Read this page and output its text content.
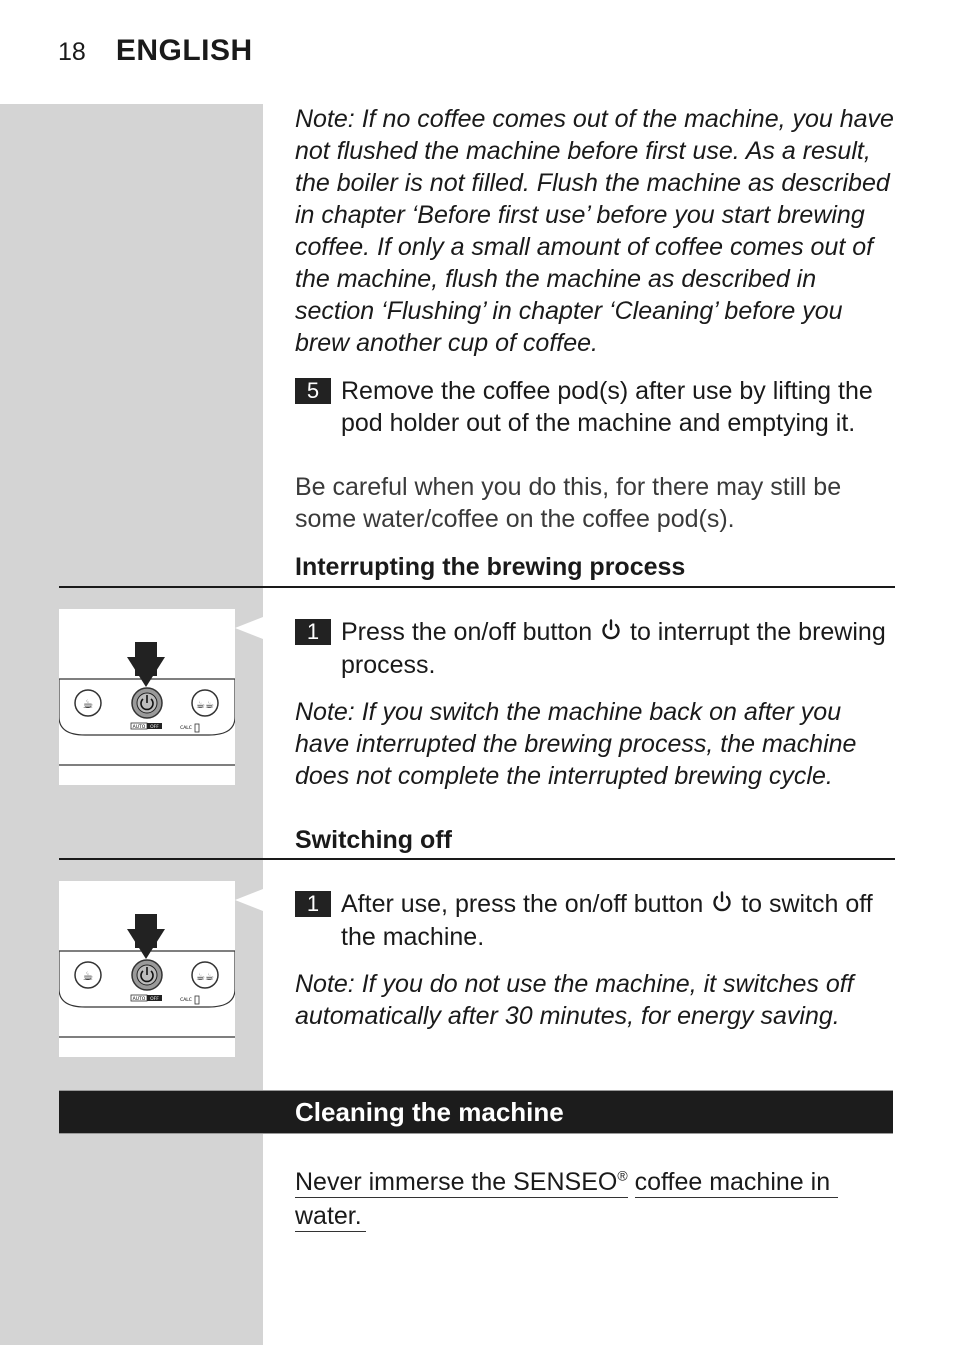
18 ENGLISH
Note: If no coffee comes out of the machine, you have not flushed the machine before first use. As a result, the boiler is not filled. Flush the machine as described in chapter ‘Before first use’ before you start brewing coffee. If only a small amount of coffee comes out of the machine, flush the machine as described in section ‘Flushing’ in chapter ‘Cleaning’ before you brew another cup of coffee.
5 Remove the coffee pod(s) after use by lifting the pod holder out of the machine and emptying it.
Be careful when you do this, for there may still be some water/coffee on the coffee pod(s).
Interrupting the brewing process
☕	☕☕
AUTO OFF	CALC
1 Press the on/off button to interrupt the brewing process.
Note: If you switch the machine back on after you have interrupted the brewing process, the machine does not complete the interrupted brewing cycle.
Switching off
☕	☕☕
AUTO OFF	CALC
1 After use, press the on/off button to switch off the machine.
Note: If you do not use the machine, it switches off automatically after 30 minutes, for energy saving.
Cleaning the machine
Never immerse the SENSEO® coffee machine in
water.
